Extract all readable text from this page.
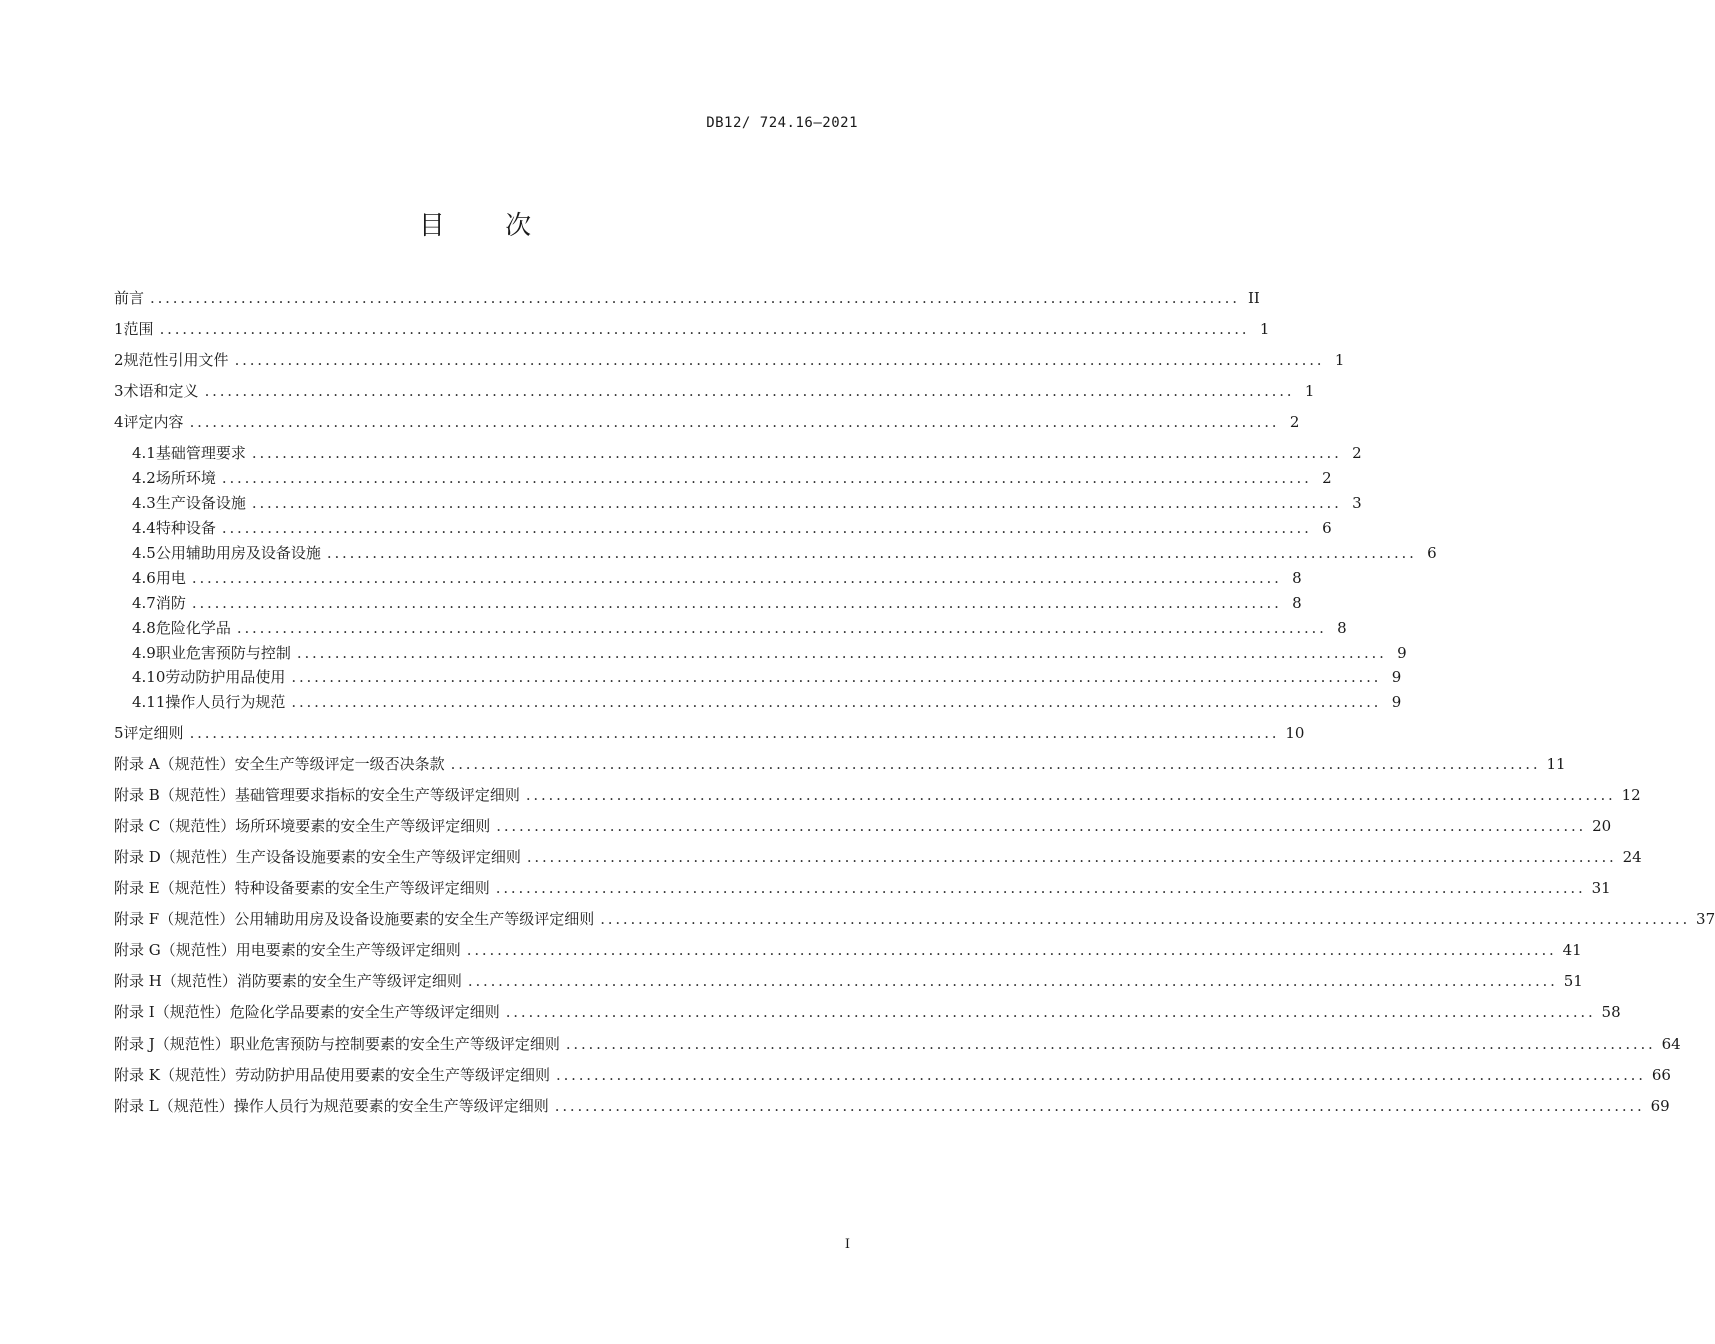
DB12/ 724.16—2021
目 次
前言 ................................................................................................................................................ II
1 范围 ................................................................................................................................................ 1
2 规范性引用文件 ................................................................................................................................................ 1
3 术语和定义 ................................................................................................................................................ 1
4 评定内容 ................................................................................................................................................ 2
4.1 基础管理要求 ................................................................................................................................................ 2
4.2 场所环境 ................................................................................................................................................ 2
4.3 生产设备设施 ................................................................................................................................................ 3
4.4 特种设备 ................................................................................................................................................ 6
4.5 公用辅助用房及设备设施 ................................................................................................................................................ 6
4.6 用电 ................................................................................................................................................ 8
4.7 消防 ................................................................................................................................................ 8
4.8 危险化学品 ................................................................................................................................................ 8
4.9 职业危害预防与控制 ................................................................................................................................................ 9
4.10 劳动防护用品使用 ................................................................................................................................................ 9
4.11 操作人员行为规范 ................................................................................................................................................ 9
5 评定细则 ................................................................................................................................................ 10
附录 A （规范性） 安全生产等级评定一级否决条款 ................................................................................................................................................ 11
附录 B （规范性） 基础管理要求指标的安全生产等级评定细则 ................................................................................................................................................ 12
附录 C （规范性） 场所环境要素的安全生产等级评定细则 ................................................................................................................................................ 20
附录 D （规范性） 生产设备设施要素的安全生产等级评定细则 ................................................................................................................................................ 24
附录 E （规范性） 特种设备要素的安全生产等级评定细则 ................................................................................................................................................ 31
附录 F （规范性） 公用辅助用房及设备设施要素的安全生产等级评定细则 ................................................................................................................................................ 37
附录 G （规范性） 用电要素的安全生产等级评定细则 ................................................................................................................................................ 41
附录 H （规范性） 消防要素的安全生产等级评定细则 ................................................................................................................................................ 51
附录 I （规范性） 危险化学品要素的安全生产等级评定细则 ................................................................................................................................................ 58
附录 J （规范性） 职业危害预防与控制要素的安全生产等级评定细则 ................................................................................................................................................ 64
附录 K （规范性） 劳动防护用品使用要素的安全生产等级评定细则 ................................................................................................................................................ 66
附录 L （规范性） 操作人员行为规范要素的安全生产等级评定细则 ................................................................................................................................................ 69
I
